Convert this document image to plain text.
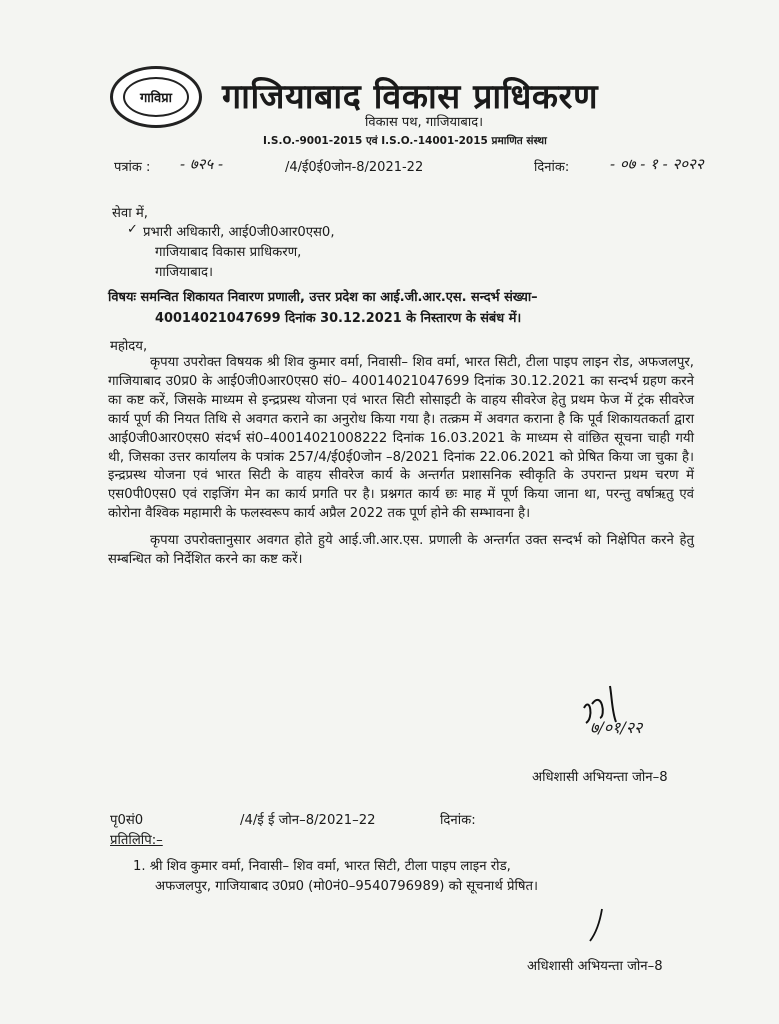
गाविप्रा गाजियाबाद विकास प्राधिकरण
विकास पथ, गाजियाबाद।
I.S.O.-9001-2015 एवं I.S.O.-14001-2015 प्रमाणित संस्था
पत्रांक : - ७२५ -	/4/ई0ई0जोन-8/2021-22	दिनांक:	- ०७ - १ - २०२२
सेवा में,
✓ प्रभारी अधिकारी, आई0जी0आर0एस0,
गाजियाबाद विकास प्राधिकरण,
गाजियाबाद।
विषयः समन्वित शिकायत निवारण प्रणाली, उत्तर प्रदेश का आई.जी.आर.एस. सन्दर्भ संख्या–
40014021047699 दिनांक 30.12.2021 के निस्तारण के संबंध में।
महोदय,

कृपया उपरोक्त विषयक श्री शिव कुमार वर्मा, निवासी– शिव वर्मा, भारत सिटी, टीला पाइप लाइन रोड, अफजलपुर, गाजियाबाद उ0प्र0 के आई0जी0आर0एस0 सं0– 40014021047699 दिनांक 30.12.2021 का सन्दर्भ ग्रहण करने का कष्ट करें, जिसके माध्यम से इन्द्रप्रस्थ योजना एवं भारत सिटी सोसाइटी के वाहय सीवरेज हेतु प्रथम फेज में ट्रंक सीवरेज कार्य पूर्ण की नियत तिथि से अवगत कराने का अनुरोध किया गया है। तत्क्रम में अवगत कराना है कि पूर्व शिकायतकर्ता द्वारा आई0जी0आर0एस0 संदर्भ सं0–40014021008222 दिनांक 16.03.2021 के माध्यम से वांछित सूचना चाही गयी थी, जिसका उत्तर कार्यालय के पत्रांक 257/4/ई0ई0जोन –8/2021 दिनांक 22.06.2021 को प्रेषित किया जा चुका है। इन्द्रप्रस्थ योजना एवं भारत सिटी के वाहय सीवरेज कार्य के अन्तर्गत प्रशासनिक स्वीकृति के उपरान्त प्रथम चरण में एस0पी0एस0 एवं राइजिंग मेन का कार्य प्रगति पर है। प्रश्नगत कार्य छः माह में पूर्ण किया जाना था, परन्तु वर्षाऋतु एवं कोरोना वैश्विक महामारी के फलस्वरूप कार्य अप्रैल 2022 तक पूर्ण होने की सम्भावना है।

कृपया उपरोक्तानुसार अवगत होते हुये आई.जी.आर.एस. प्रणाली के अन्तर्गत उक्त सन्दर्भ को निक्षेपित करने हेतु सम्बन्धित को निर्देशित करने का कष्ट करें।

७/०१/२२
अधिशासी अभियन्ता जोन–8
पृ0सं0	/4/ई ई जोन–8/2021–22	दिनांक:
प्रतिलिपि:–
1. श्री शिव कुमार वर्मा, निवासी– शिव वर्मा, भारत सिटी, टीला पाइप लाइन रोड,
अफजलपुर, गाजियाबाद उ0प्र0 (मो0नं0–9540796989) को सूचनार्थ प्रेषित।
अधिशासी अभियन्ता जोन–8
